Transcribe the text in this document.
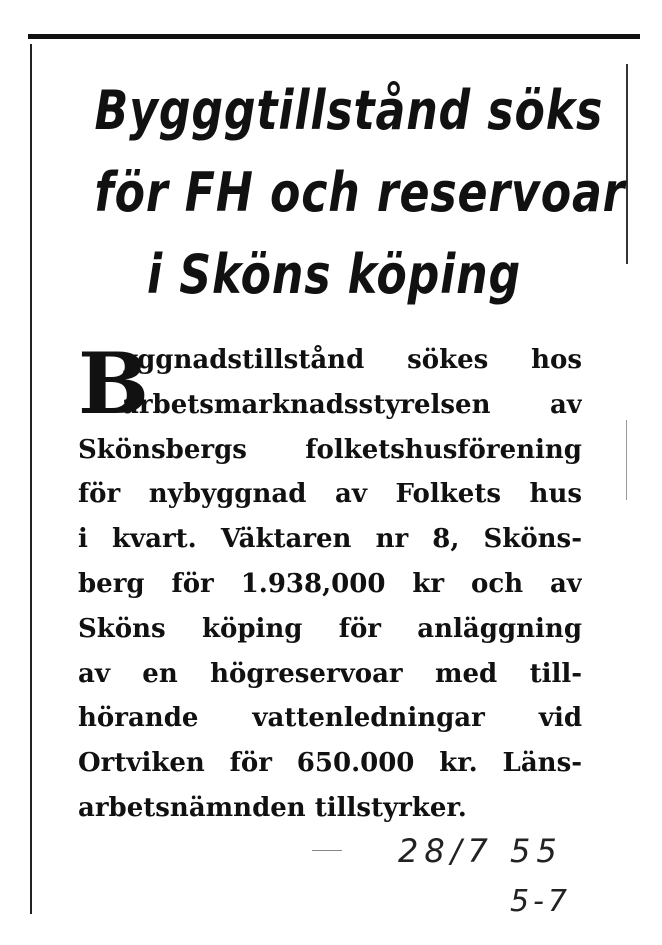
Bygggtillstånd söks
för FH och reservoar
i Sköns köping
B
yggnadstillstånd sökes hos
arbetsmarknadsstyrelsen av
Skönsbergs folketshusförening
för nybyggnad av Folkets hus
i kvart. Väktaren nr 8, Sköns-
berg för 1.938,000 kr och av
Sköns köping för anläggning
av en högreservoar med till-
hörande vattenledningar vid
Ortviken för 650.000 kr. Läns-
arbetsnämnden tillstyrker.
28/7 55
5-7
